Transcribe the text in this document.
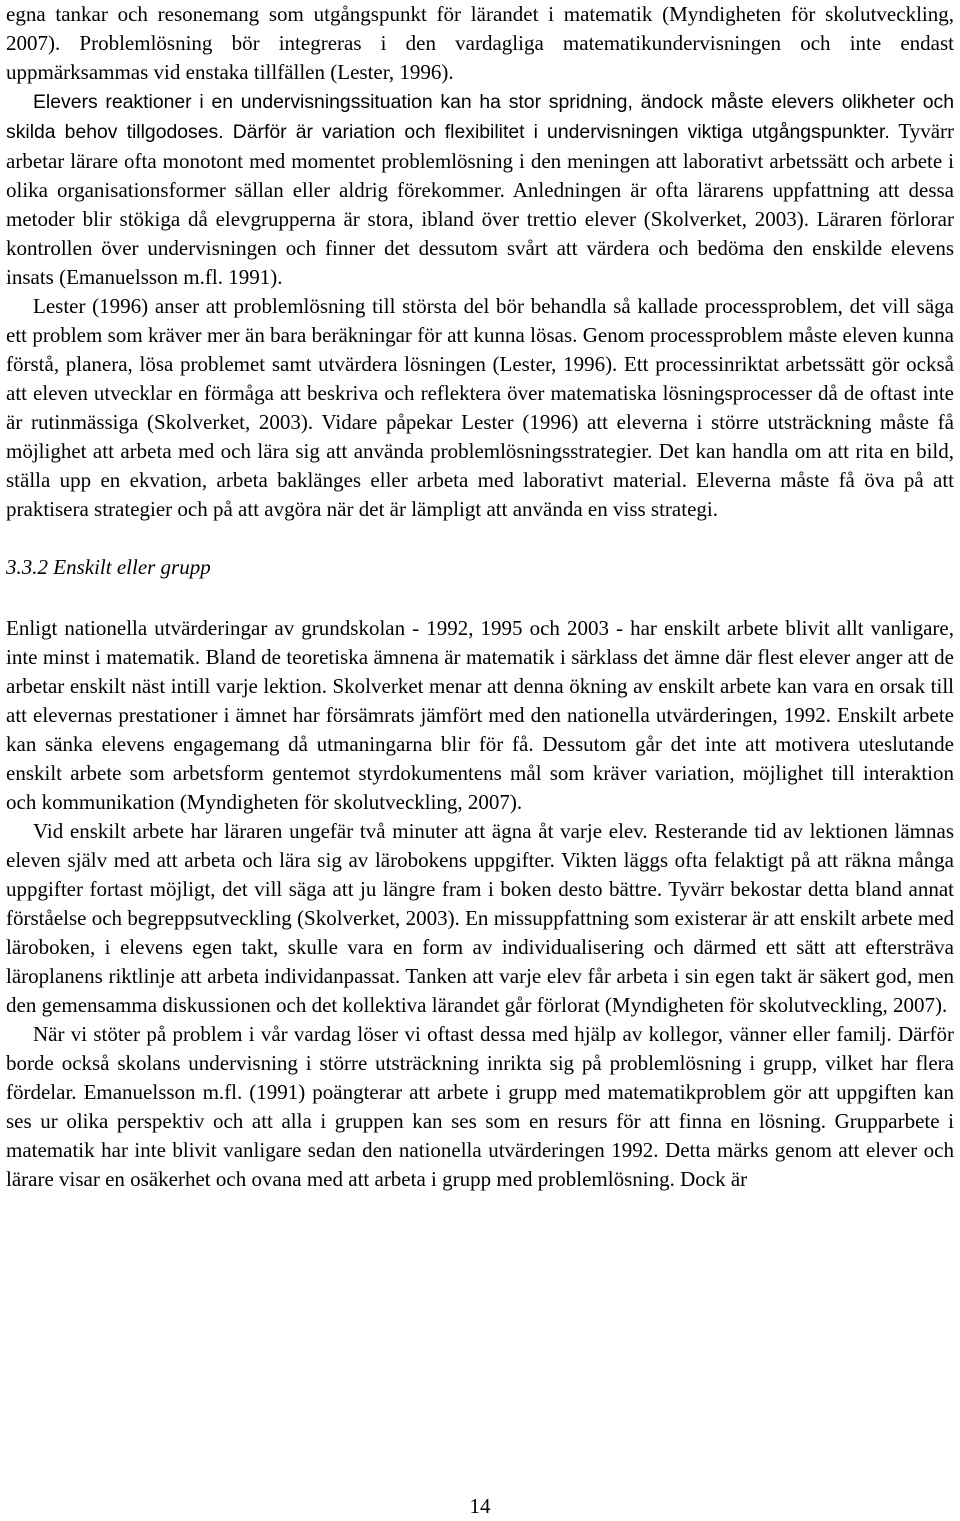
egna tankar och resonemang som utgångspunkt för lärandet i matematik (Myndigheten för skolutveckling, 2007). Problemlösning bör integreras i den vardagliga matematikundervisningen och inte endast uppmärksammas vid enstaka tillfällen (Lester, 1996).

Elevers reaktioner i en undervisningssituation kan ha stor spridning, ändock måste elevers olikheter och skilda behov tillgodoses. Därför är variation och flexibilitet i undervisningen viktiga utgångspunkter. Tyvärr arbetar lärare ofta monotont med momentet problemlösning i den meningen att laborativt arbetssätt och arbete i olika organisationsformer sällan eller aldrig förekommer. Anledningen är ofta lärarens uppfattning att dessa metoder blir stökiga då elevgrupperna är stora, ibland över trettio elever (Skolverket, 2003). Läraren förlorar kontrollen över undervisningen och finner det dessutom svårt att värdera och bedöma den enskilde elevens insats (Emanuelsson m.fl. 1991).

Lester (1996) anser att problemlösning till största del bör behandla så kallade processproblem, det vill säga ett problem som kräver mer än bara beräkningar för att kunna lösas. Genom processproblem måste eleven kunna förstå, planera, lösa problemet samt utvärdera lösningen (Lester, 1996). Ett processinriktat arbetssätt gör också att eleven utvecklar en förmåga att beskriva och reflektera över matematiska lösningsprocesser då de oftast inte är rutinmässiga (Skolverket, 2003). Vidare påpekar Lester (1996) att eleverna i större utsträckning måste få möjlighet att arbeta med och lära sig att använda problemlösningsstrategier. Det kan handla om att rita en bild, ställa upp en ekvation, arbeta baklänges eller arbeta med laborativt material. Eleverna måste få öva på att praktisera strategier och på att avgöra när det är lämpligt att använda en viss strategi.

3.3.2 Enskilt eller grupp

Enligt nationella utvärderingar av grundskolan - 1992, 1995 och 2003 - har enskilt arbete blivit allt vanligare, inte minst i matematik. Bland de teoretiska ämnena är matematik i särklass det ämne där flest elever anger att de arbetar enskilt näst intill varje lektion. Skolverket menar att denna ökning av enskilt arbete kan vara en orsak till att elevernas prestationer i ämnet har försämrats jämfört med den nationella utvärderingen, 1992. Enskilt arbete kan sänka elevens engagemang då utmaningarna blir för få. Dessutom går det inte att motivera uteslutande enskilt arbete som arbetsform gentemot styrdokumentens mål som kräver variation, möjlighet till interaktion och kommunikation (Myndigheten för skolutveckling, 2007).

Vid enskilt arbete har läraren ungefär två minuter att ägna åt varje elev. Resterande tid av lektionen lämnas eleven själv med att arbeta och lära sig av lärobokens uppgifter. Vikten läggs ofta felaktigt på att räkna många uppgifter fortast möjligt, det vill säga att ju längre fram i boken desto bättre. Tyvärr bekostar detta bland annat förståelse och begreppsutveckling (Skolverket, 2003). En missuppfattning som existerar är att enskilt arbete med läroboken, i elevens egen takt, skulle vara en form av individualisering och därmed ett sätt att eftersträva läroplanens riktlinje att arbeta individanpassat. Tanken att varje elev får arbeta i sin egen takt är säkert god, men den gemensamma diskussionen och det kollektiva lärandet går förlorat (Myndigheten för skolutveckling, 2007).

När vi stöter på problem i vår vardag löser vi oftast dessa med hjälp av kollegor, vänner eller familj. Därför borde också skolans undervisning i större utsträckning inrikta sig på problemlösning i grupp, vilket har flera fördelar. Emanuelsson m.fl. (1991) poängterar att arbete i grupp med matematikproblem gör att uppgiften kan ses ur olika perspektiv och att alla i gruppen kan ses som en resurs för att finna en lösning. Grupparbete i matematik har inte blivit vanligare sedan den nationella utvärderingen 1992. Detta märks genom att elever och lärare visar en osäkerhet och ovana med att arbeta i grupp med problemlösning. Dock är

14
